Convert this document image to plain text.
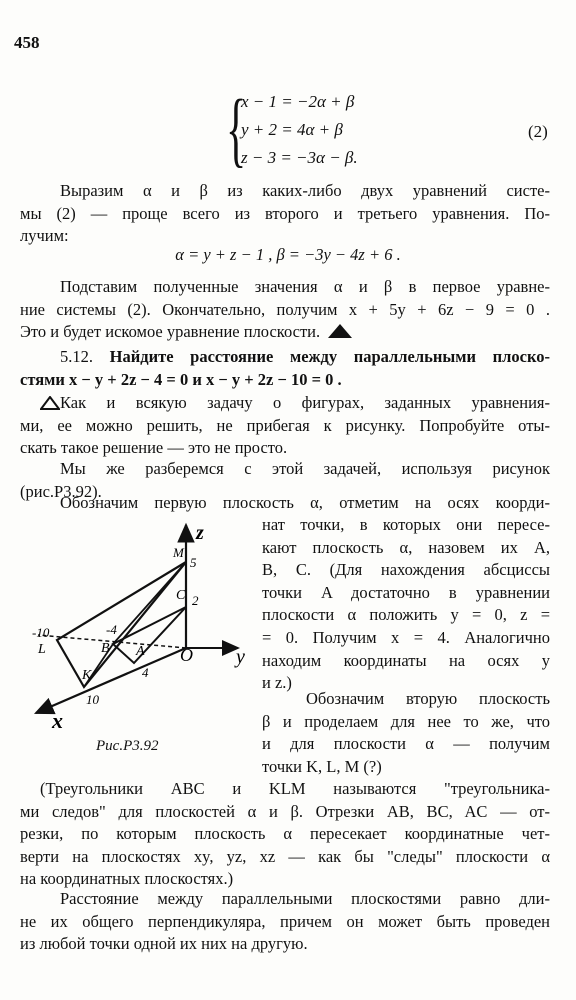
458
{
x − 1 = −2α + β
y + 2 = 4α + β
z − 3 = −3α − β.
(2)

Выразим α и β из каких-либо двух уравнений систе-

мы (2) — проще всего из второго и третьего уравнения. По-

лучим:

α = y + z − 1 , β = −3y − 4z + 6 .

Подставим полученные значения α и β в первое уравне-

ние системы (2). Окончательно, получим x + 5y + 6z − 9 = 0 .

Это и будет искомое уравнение плоскости.

5.12. Найдите расстояние между параллельными плоско-

стями x − y + 2z − 4 = 0 и x − y + 2z − 10 = 0 .

Как и всякую задачу о фигурах, заданных уравнения-

ми, ее можно решить, не прибегая к рисунку. Попробуйте оты-

скать такое решение — это не просто.

Мы же разберемся с этой задачей, используя рисунок

(рис.Р3.92).

Обозначим первую плоскость α, отметим на осях коорди-

нат точки, в которых они пересе-

кают плоскость α, назовем их A,

B, C. (Для нахождения абсциссы

точки A достаточно в уравнении

плоскости α положить y = 0, z =

= 0. Получим x = 4. Аналогично

находим координаты на осях y

и z.)

Обозначим вторую плоскость

β и проделаем для нее то же, что

и для плоскости α — получим

точки K, L, M (?)

z
y
x
O
M
5
C 2
-10
L
-4
B A
4
K
10
Рис.Р3.92

(Треугольники ABC и KLM называются "треугольника-

ми следов" для плоскостей α и β. Отрезки AB, BC, AC — от-

резки, по которым плоскость α пересекает координатные чет-

верти на плоскостях xy, yz, xz — как бы "следы" плоскости α

на координатных плоскостях.)

Расстояние между параллельными плоскостями равно дли-

не их общего перпендикуляра, причем он может быть проведен

из любой точки одной их них на другую.
